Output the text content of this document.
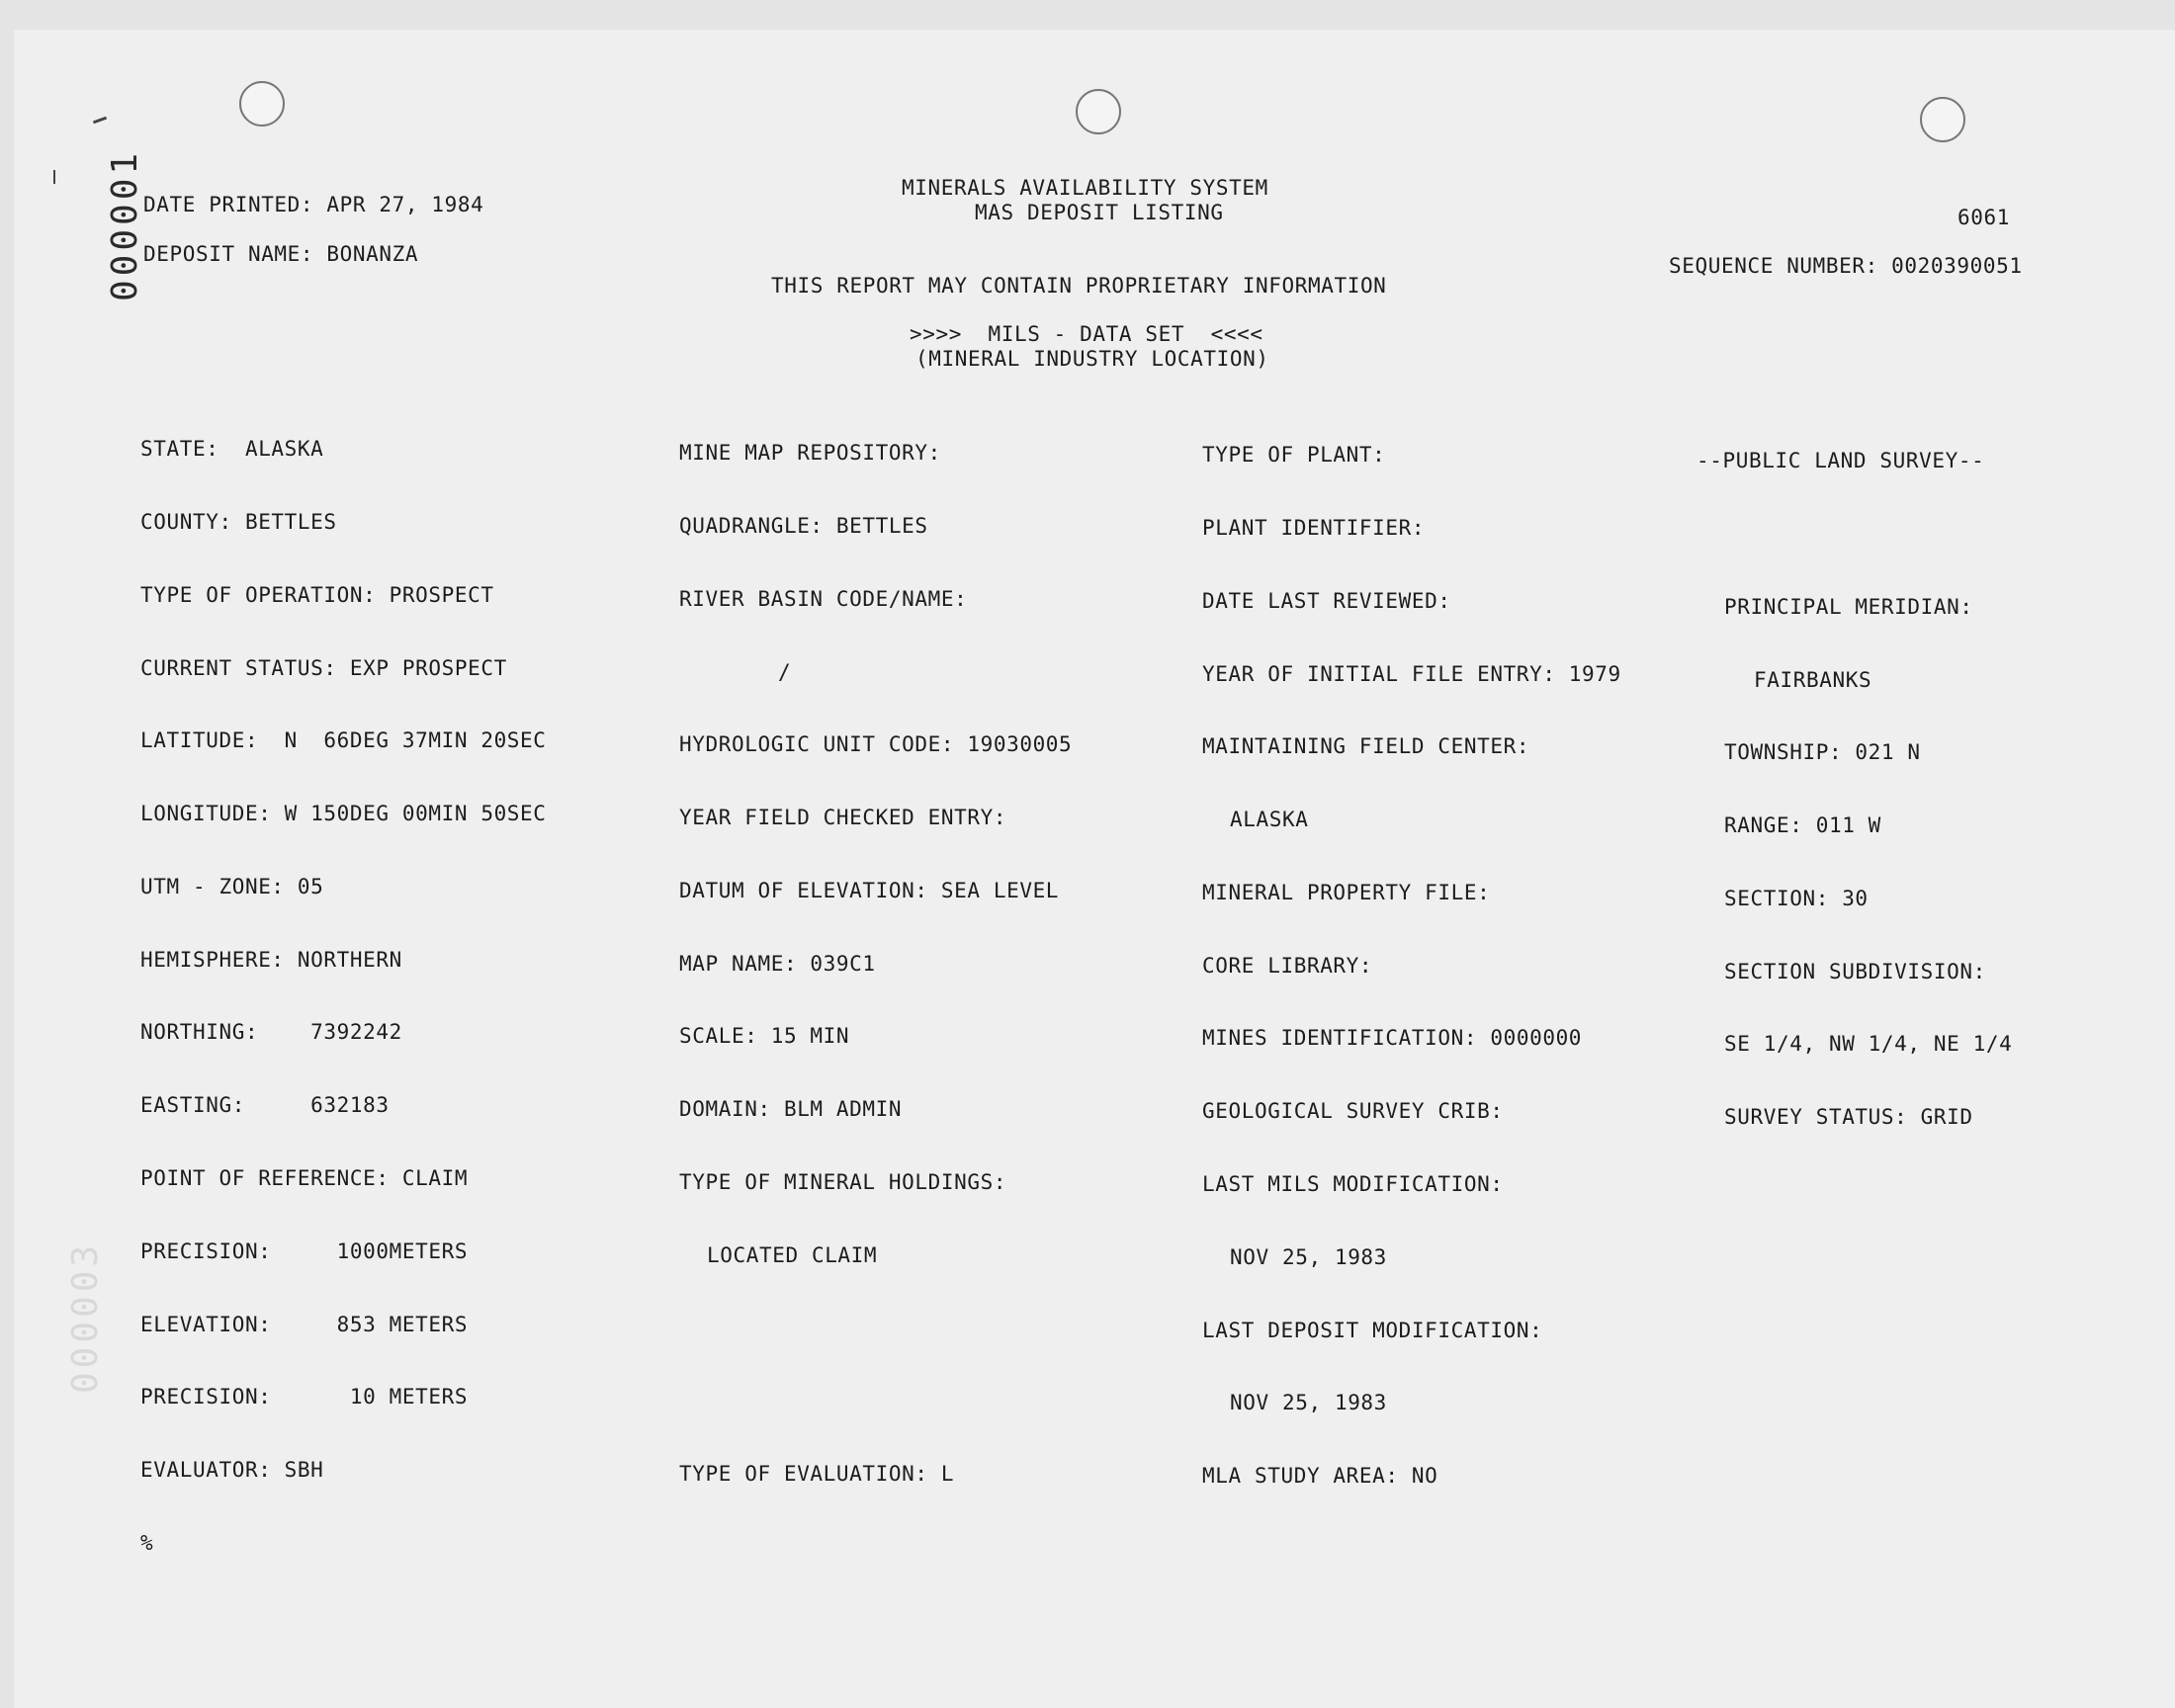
000001
000003
DATE PRINTED: APR 27, 1984
DEPOSIT NAME: BONANZA
MINERALS AVAILABILITY SYSTEM
MAS DEPOSIT LISTING	6061
SEQUENCE NUMBER: 0020390051
THIS REPORT MAY CONTAIN PROPRIETARY INFORMATION
>>>>  MILS - DATA SET  <<<<
(MINERAL INDUSTRY LOCATION)

STATE:  ALASKA

COUNTY: BETTLES

TYPE OF OPERATION: PROSPECT

CURRENT STATUS: EXP PROSPECT

LATITUDE:  N  66DEG 37MIN 20SEC

LONGITUDE: W 150DEG 00MIN 50SEC

UTM - ZONE: 05

HEMISPHERE: NORTHERN

NORTHING:    7392242

EASTING:     632183

POINT OF REFERENCE: CLAIM

PRECISION:     1000METERS

ELEVATION:     853 METERS

PRECISION:      10 METERS

EVALUATOR: SBH

%

MINE MAP REPOSITORY:

QUADRANGLE: BETTLES

RIVER BASIN CODE/NAME:

/

HYDROLOGIC UNIT CODE: 19030005

YEAR FIELD CHECKED ENTRY:

DATUM OF ELEVATION: SEA LEVEL

MAP NAME: 039C1

SCALE: 15 MIN

DOMAIN: BLM ADMIN

TYPE OF MINERAL HOLDINGS:

LOCATED CLAIM

TYPE OF EVALUATION: L

TYPE OF PLANT:

PLANT IDENTIFIER:

DATE LAST REVIEWED:

YEAR OF INITIAL FILE ENTRY: 1979

MAINTAINING FIELD CENTER:

ALASKA

MINERAL PROPERTY FILE:

CORE LIBRARY:

MINES IDENTIFICATION: 0000000

GEOLOGICAL SURVEY CRIB:

LAST MILS MODIFICATION:

NOV 25, 1983

LAST DEPOSIT MODIFICATION:

NOV 25, 1983

MLA STUDY AREA: NO

--PUBLIC LAND SURVEY--

PRINCIPAL MERIDIAN:

FAIRBANKS

TOWNSHIP: 021 N

RANGE: 011 W

SECTION: 30

SECTION SUBDIVISION:

SE 1/4, NW 1/4, NE 1/4

SURVEY STATUS: GRID
